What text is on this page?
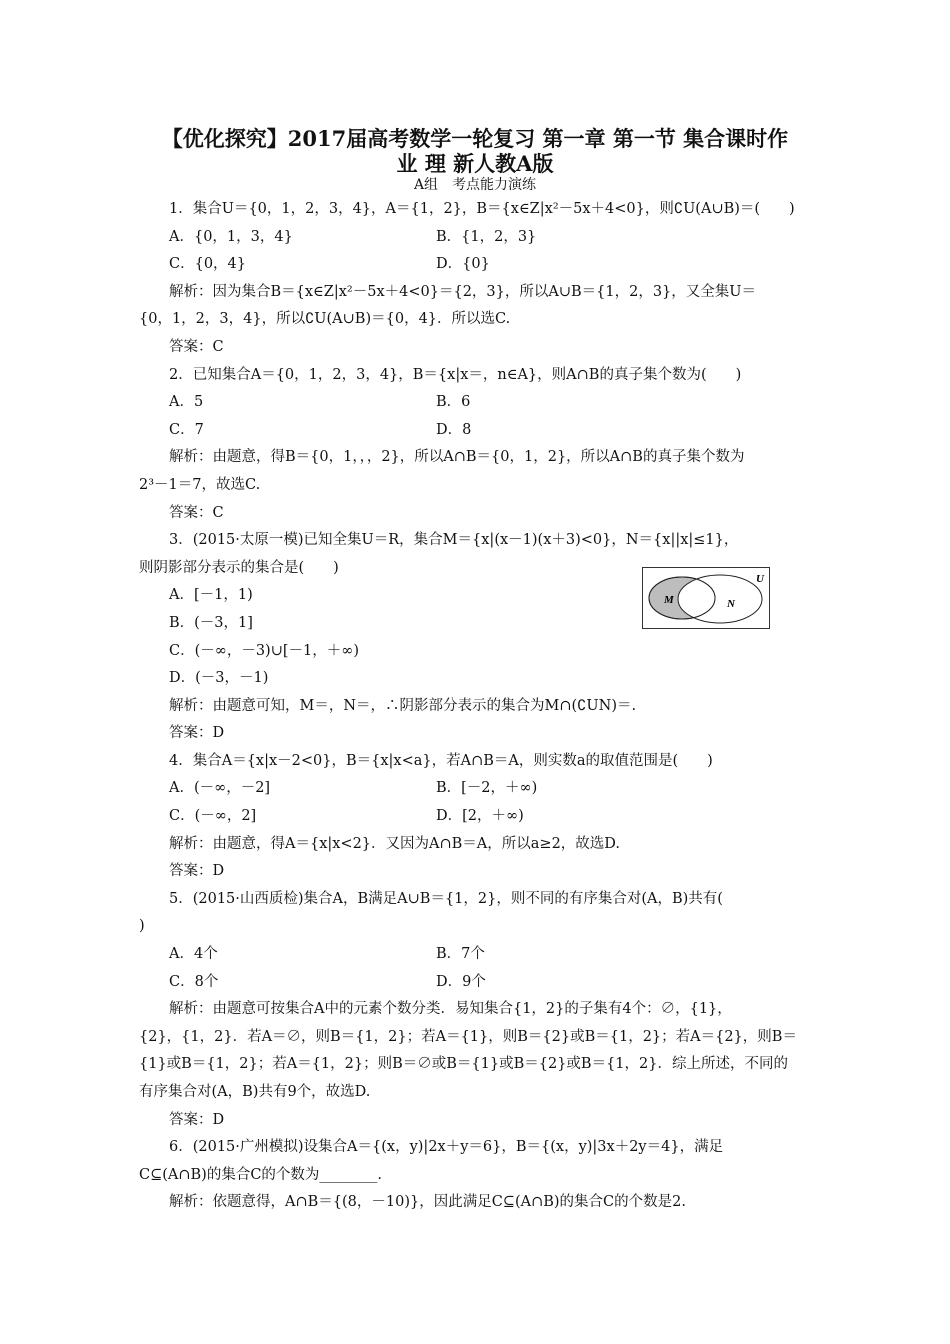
【优化探究】2017届高考数学一轮复习 第一章 第一节 集合课时作
业 理 新人教A版
A组　考点能力演练
1．集合U＝{0，1，2，3，4}，A＝{1，2}，B＝{x∈Z|x²－5x＋4<0}，则∁U(A∪B)＝(　　)
A．{0，1，3，4}	B．{1，2，3}
C．{0，4}	D．{0}
解析：因为集合B＝{x∈Z|x²－5x＋4<0}＝{2，3}，所以A∪B＝{1，2，3}，又全集U＝
{0，1，2，3，4}，所以∁U(A∪B)＝{0，4}．所以选C.
答案：C
2．已知集合A＝{0，1，2，3，4}，B＝{x|x＝，n∈A}，则A∩B的真子集个数为(　　)
A．5	B．6
C．7	D．8
解析：由题意，得B＝{0，1，，，2}，所以A∩B＝{0，1，2}，所以A∩B的真子集个数为
2³－1＝7，故选C.
答案：C
3．(2015·太原一模)已知全集U＝R，集合M＝{x|(x－1)(x＋3)<0}，N＝{x||x|≤1}，
则阴影部分表示的集合是(　　)
A．[－1，1)
B．(－3，1]
C．(－∞，－3)∪[－1，＋∞)
D．(－3，－1)
解析：由题意可知，M＝，N＝，∴阴影部分表示的集合为M∩(∁UN)＝.
答案：D
4．集合A＝{x|x－2<0}，B＝{x|x<a}，若A∩B＝A，则实数a的取值范围是(　　)
A．(－∞，－2]	B．[－2，＋∞)
C．(－∞，2]	D．[2，＋∞)
解析：由题意，得A＝{x|x<2}．又因为A∩B＝A，所以a≥2，故选D.
答案：D
5．(2015·山西质检)集合A，B满足A∪B＝{1，2}，则不同的有序集合对(A，B)共有(
)
A．4个	B．7个
C．8个	D．9个
解析：由题意可按集合A中的元素个数分类．易知集合{1，2}的子集有4个：∅，{1}，
{2}，{1，2}．若A＝∅，则B＝{1，2}；若A＝{1}，则B＝{2}或B＝{1，2}；若A＝{2}，则B＝
{1}或B＝{1，2}；若A＝{1，2}；则B＝∅或B＝{1}或B＝{2}或B＝{1，2}．综上所述，不同的
有序集合对(A，B)共有9个，故选D.
答案：D
6．(2015·广州模拟)设集合A＝{(x，y)|2x＋y＝6}，B＝{(x，y)|3x＋2y＝4}，满足
C⊆(A∩B)的集合C的个数为________.
解析：依题意得，A∩B＝{(8，－10)}，因此满足C⊆(A∩B)的集合C的个数是2.
U
M	N
